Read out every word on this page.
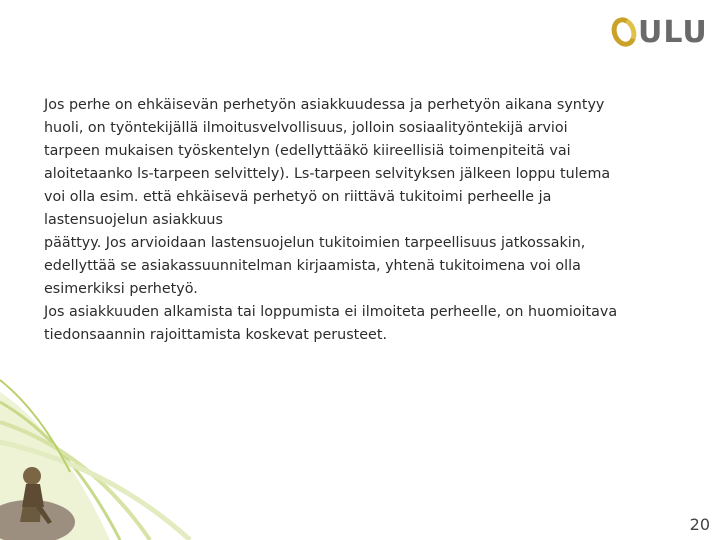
ULU

Jos perhe on ehkäisevän perhetyön asiakkuudessa ja perhetyön aikana syntyy

huoli, on työntekijällä ilmoitusvelvollisuus, jolloin sosiaalityöntekijä arvioi

tarpeen mukaisen työskentelyn (edellyttääkö kiireellisiä toimenpiteitä vai

aloitetaanko ls-tarpeen selvittely). Ls-tarpeen selvityksen jälkeen loppu tulema

voi olla esim. että ehkäisevä perhetyö on riittävä tukitoimi perheelle ja

lastensuojelun asiakkuus

päättyy. Jos arvioidaan lastensuojelun tukitoimien tarpeellisuus jatkossakin,

edellyttää se asiakassuunnitelman kirjaamista, yhtenä tukitoimena voi olla

esimerkiksi perhetyö.

Jos asiakkuuden alkamista tai loppumista ei ilmoiteta perheelle, on huomioitava

tiedonsaannin rajoittamista koskevat perusteet.

20
